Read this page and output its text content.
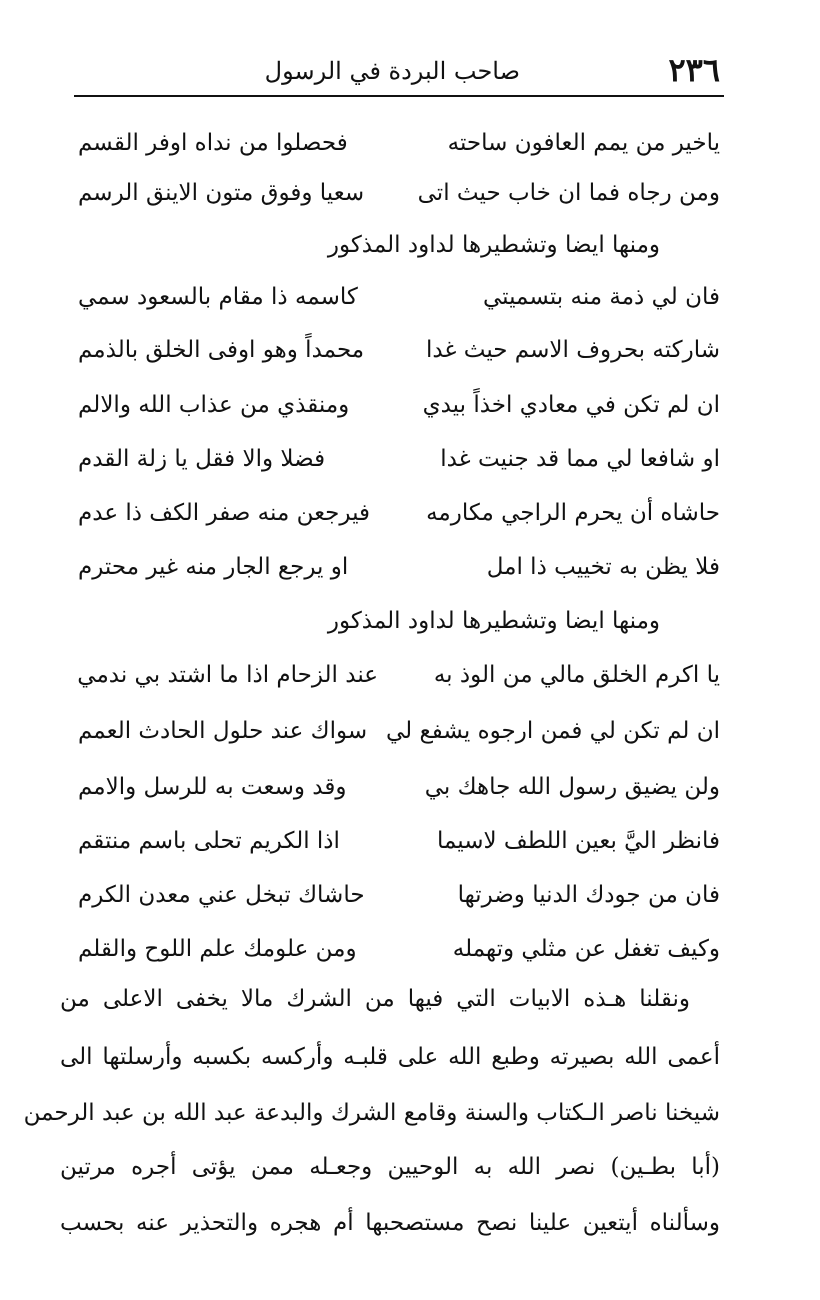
٢٣٦
صاحب البردة في الرسول
ياخير من يمم العافون ساحته
فحصلوا من نداه اوفر القسم
ومن رجاه فما ان خاب حيث اتى
سعيا وفوق متون الاينق الرسم
ومنها ايضا وتشطيرها لداود المذكور
فان لي ذمة منه بتسميتي
كاسمه ذا مقام بالسعود سمي
شاركته بحروف الاسم حيث غدا
محمداً وهو اوفى الخلق بالذمم
ان لم تكن في معادي اخذاً بيدي
ومنقذي من عذاب الله والالم
او شافعا لي مما قد جنيت غدا
فضلا والا فقل يا زلة القدم
حاشاه أن يحرم الراجي مكارمه
فيرجعن منه صفر الكف ذا عدم
فلا يظن به تخييب ذا امل
او يرجع الجار منه غير محترم
ومنها ايضا وتشطيرها لداود المذكور
يا اكرم الخلق مالي من الوذ به
عند الزحام اذا ما اشتد بي ندمي
ان لم تكن لي فمن ارجوه يشفع لي
سواك عند حلول الحادث العمم
ولن يضيق رسول الله جاهك بي
وقد وسعت به للرسل والامم
فانظر اليَّ بعين اللطف لاسيما
اذا الكريم تحلى باسم منتقم
فان من جودك الدنيا وضرتها
حاشاك تبخل عني معدن الكرم
وكيف تغفل عن مثلي وتهمله
ومن علومك علم اللوح والقلم
ونقلنا هـذه الابيات التي فيها من الشرك مالا يخفى الاعلى من
أعمى الله بصيرته وطبع الله على قلبـه وأركسه بكسبه وأرسلتها الى
شيخنا ناصر الـكتاب والسنة وقامع الشرك والبدعة عبد الله بن عبد الرحمن
(أبا بطـين) نصر الله به الوحيين وجعـله ممن يؤتى أجره مرتين
وسألناه أيتعين علينا نصح مستصحبها أم هجره والتحذير عنه بحسب
